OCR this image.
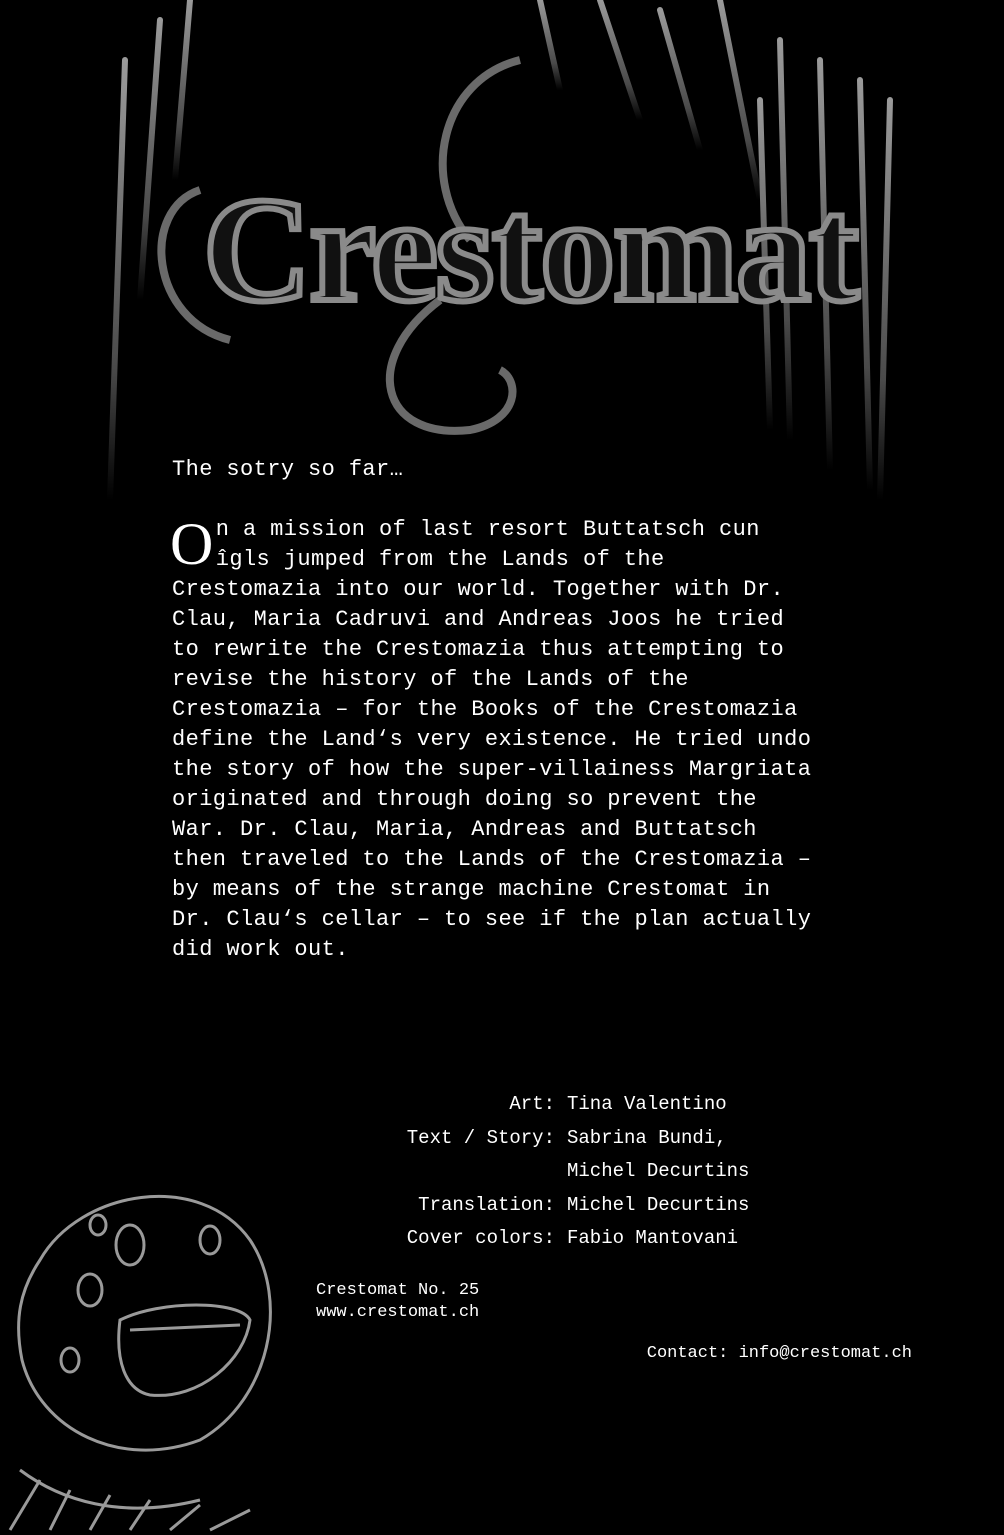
Crestomat

The sotry so far…

On a mission of last resort Buttatsch cun îgls jumped from the Lands of the Crestomazia into our world. Together with Dr. Clau, Maria Cadruvi and Andreas Joos he tried to rewrite the Crestomazia thus attempting to revise the history of the Lands of the Crestomazia – for the Books of the Crestomazia define the Land‘s very existence. He tried undo the story of how the super-villainess Margriata originated and through doing so prevent the War. Dr. Clau, Maria, Andreas and Buttatsch then traveled to the Lands of the Crestomazia – by means of the strange machine Crestomat in Dr. Clau‘s cellar – to see if the plan actually did work out.

Art: Tina Valentino
Text / Story: Sabrina Bundi,
Michel Decurtins
Translation: Michel Decurtins
Cover colors: Fabio Mantovani
Crestomat No. 25
www.crestomat.ch
Contact: info@crestomat.ch
